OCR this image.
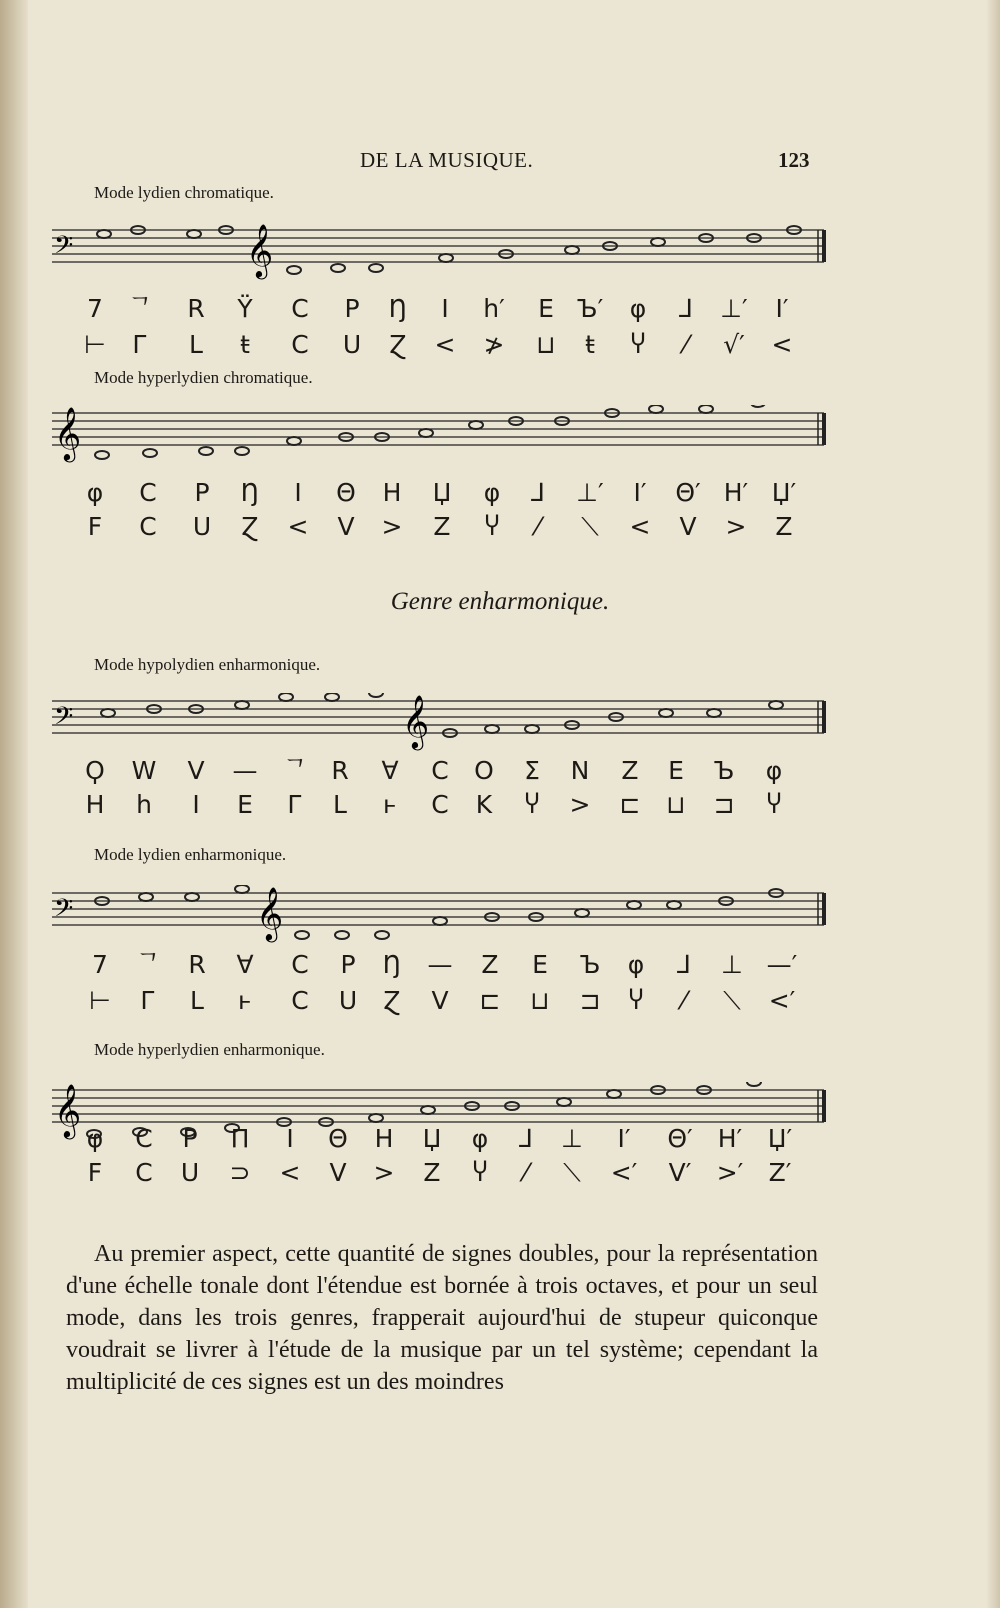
DE LA MUSIQUE.	123
Mode lydien chromatique.
𝄢	𝄞
7 ᄀ	R	Ϋ	C	P	Ŋ	I	h′	E Ъ′	φ	⅃	⊥′	I′
⊢	Г	L	ŧ	C	U	Ɀ	<	≯	⊔	ŧ	Ⴤ	⁄	√′	<
Mode hyperlydien chromatique.
𝄞
φ	C	P	Ŋ	I	Θ	H	Џ	φ	⅃	⊥′	I′	Θ′ H′ Џ′
F	C	U	Ɀ	<	V	>	Z	Ⴤ	⁄	⟍	<	V	>	Z
Genre enharmonique.
Mode hypolydien enharmonique.
𝄢	𝄞
Ϙ	W	V	—	ᄀ R	∀	C	O	Σ	N	Z	E	Ъ	φ
H	h	I	E	Г	L	ⱶ	C	K	Ⴤ	>	⊏	⊔	⊐	Ⴤ
Mode lydien enharmonique.
𝄢	𝄞
7	ᄀ	R	∀	C	P	Ŋ	—	Z	E	Ъ	φ	⅃	⊥ —′
⊢	Г	L	ⱶ	C	U	Ɀ	V	⊏	⊔	⊐	Ⴤ	⁄	⟍	<′
Mode hyperlydien enharmonique.
𝄞
φ	C	P	Π	I	Θ	H	Џ	φ	⅃	⊥	I′	Θ′	H′	Џ′
F	C	U	⊃	<	V	>	Z	Ⴤ	⁄	⟍	<′	V′	>′	Z′

Au premier aspect, cette quantité de signes doubles, pour la représentation d'une échelle tonale dont l'étendue est bornée à trois octaves, et pour un seul mode, dans les trois genres, frapperait aujourd'hui de stupeur quiconque voudrait se livrer à l'étude de la musique par un tel système; cependant la multiplicité de ces signes est un des moindres
